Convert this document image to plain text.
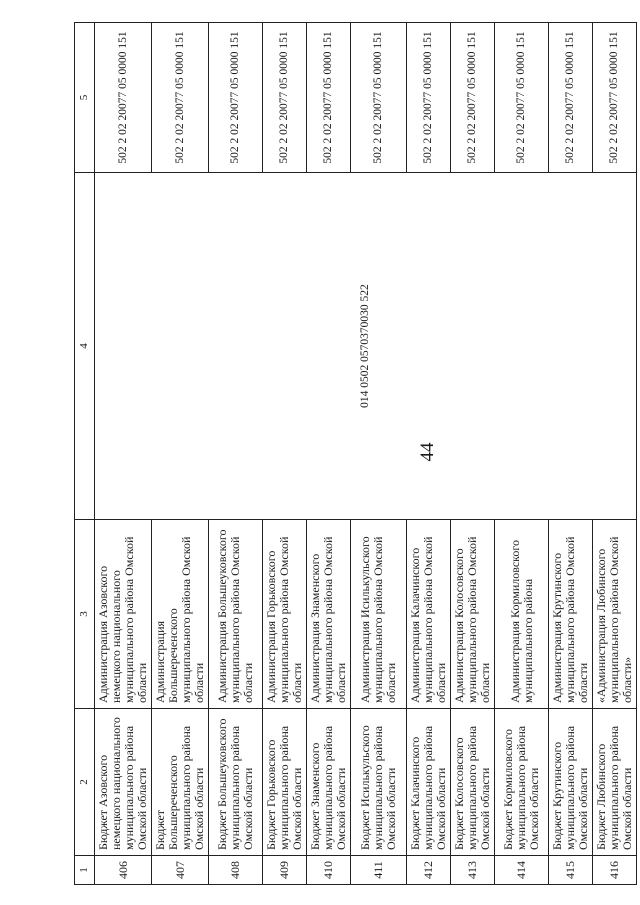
44
1	2	3	4	5
406	Бюджет Азовского немецкого национального муниципального района Омской области	Администрация Азовского немецкого национального муниципального района Омской области	014 0502 0570370030 522	502 2 02 20077 05 0000 151
407	Бюджет Большереченского муниципального района Омской области	Администрация Большереченского муниципального района Омской области		502 2 02 20077 05 0000 151
408	Бюджет Большеуковского муниципального района Омской области	Администрация Большеуковского муниципального района Омской области		502 2 02 20077 05 0000 151
409	Бюджет Горьковского муниципального района Омской области	Администрация Горьковского муниципального района Омской области		502 2 02 20077 05 0000 151
410	Бюджет Знаменского муниципального района Омской области	Администрация Знаменского муниципального района Омской области		502 2 02 20077 05 0000 151
411	Бюджет Исилькульского муниципального района Омской области	Администрация Исилькульского муниципального района Омской области		502 2 02 20077 05 0000 151
412	Бюджет Калачинского муниципального района Омской области	Администрация Калачинского муниципального района Омской области		502 2 02 20077 05 0000 151
413	Бюджет Колосовского муниципального района Омской области	Администрация Колосовского муниципального района Омской области		502 2 02 20077 05 0000 151
414	Бюджет Кормиловского муниципального района Омской области	Администрация Кормиловского муниципального района		502 2 02 20077 05 0000 151
415	Бюджет Крутинского муниципального района Омской области	Администрация Крутинского муниципального района Омской области		502 2 02 20077 05 0000 151
416	Бюджет Любинского муниципального района Омской области	«Администрация Любинского муниципального района Омской области»		502 2 02 20077 05 0000 151
